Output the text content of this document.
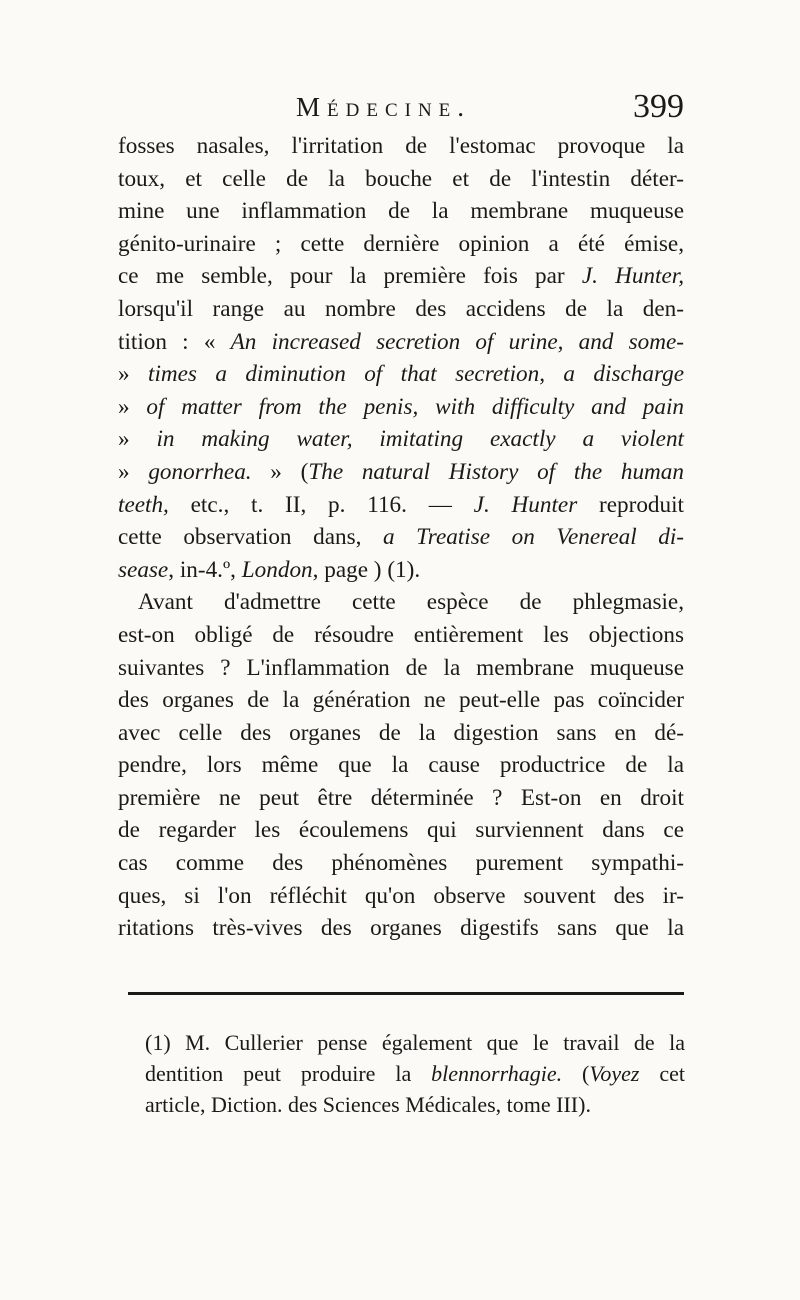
Médecine.	399
fosses nasales, l'irritation de l'estomac provoque la
toux, et celle de la bouche et de l'intestin déter-
mine une inflammation de la membrane muqueuse
génito-urinaire ; cette dernière opinion a été émise,
ce me semble, pour la première fois par J. Hunter,
lorsqu'il range au nombre des accidens de la den-
tition : « An increased secretion of urine, and some-
» times a diminution of that secretion, a discharge
» of matter from the penis, with difficulty and pain
» in making water, imitating exactly a violent
» gonorrhea. » (The natural History of the human
teeth, etc., t. II, p. 116. — J. Hunter reproduit
cette observation dans, a Treatise on Venereal di-
sease, in-4.º, London, page ) (1).
Avant d'admettre cette espèce de phlegmasie,
est-on obligé de résoudre entièrement les objections
suivantes ? L'inflammation de la membrane muqueuse
des organes de la génération ne peut-elle pas coïncider
avec celle des organes de la digestion sans en dé-
pendre, lors même que la cause productrice de la
première ne peut être déterminée ? Est-on en droit
de regarder les écoulemens qui surviennent dans ce
cas comme des phénomènes purement sympathi-
ques, si l'on réfléchit qu'on observe souvent des ir-
ritations très-vives des organes digestifs sans que la
(1) M. Cullerier pense également que le travail de la
dentition peut produire la blennorrhagie. (Voyez cet
article, Diction. des Sciences Médicales, tome III).
